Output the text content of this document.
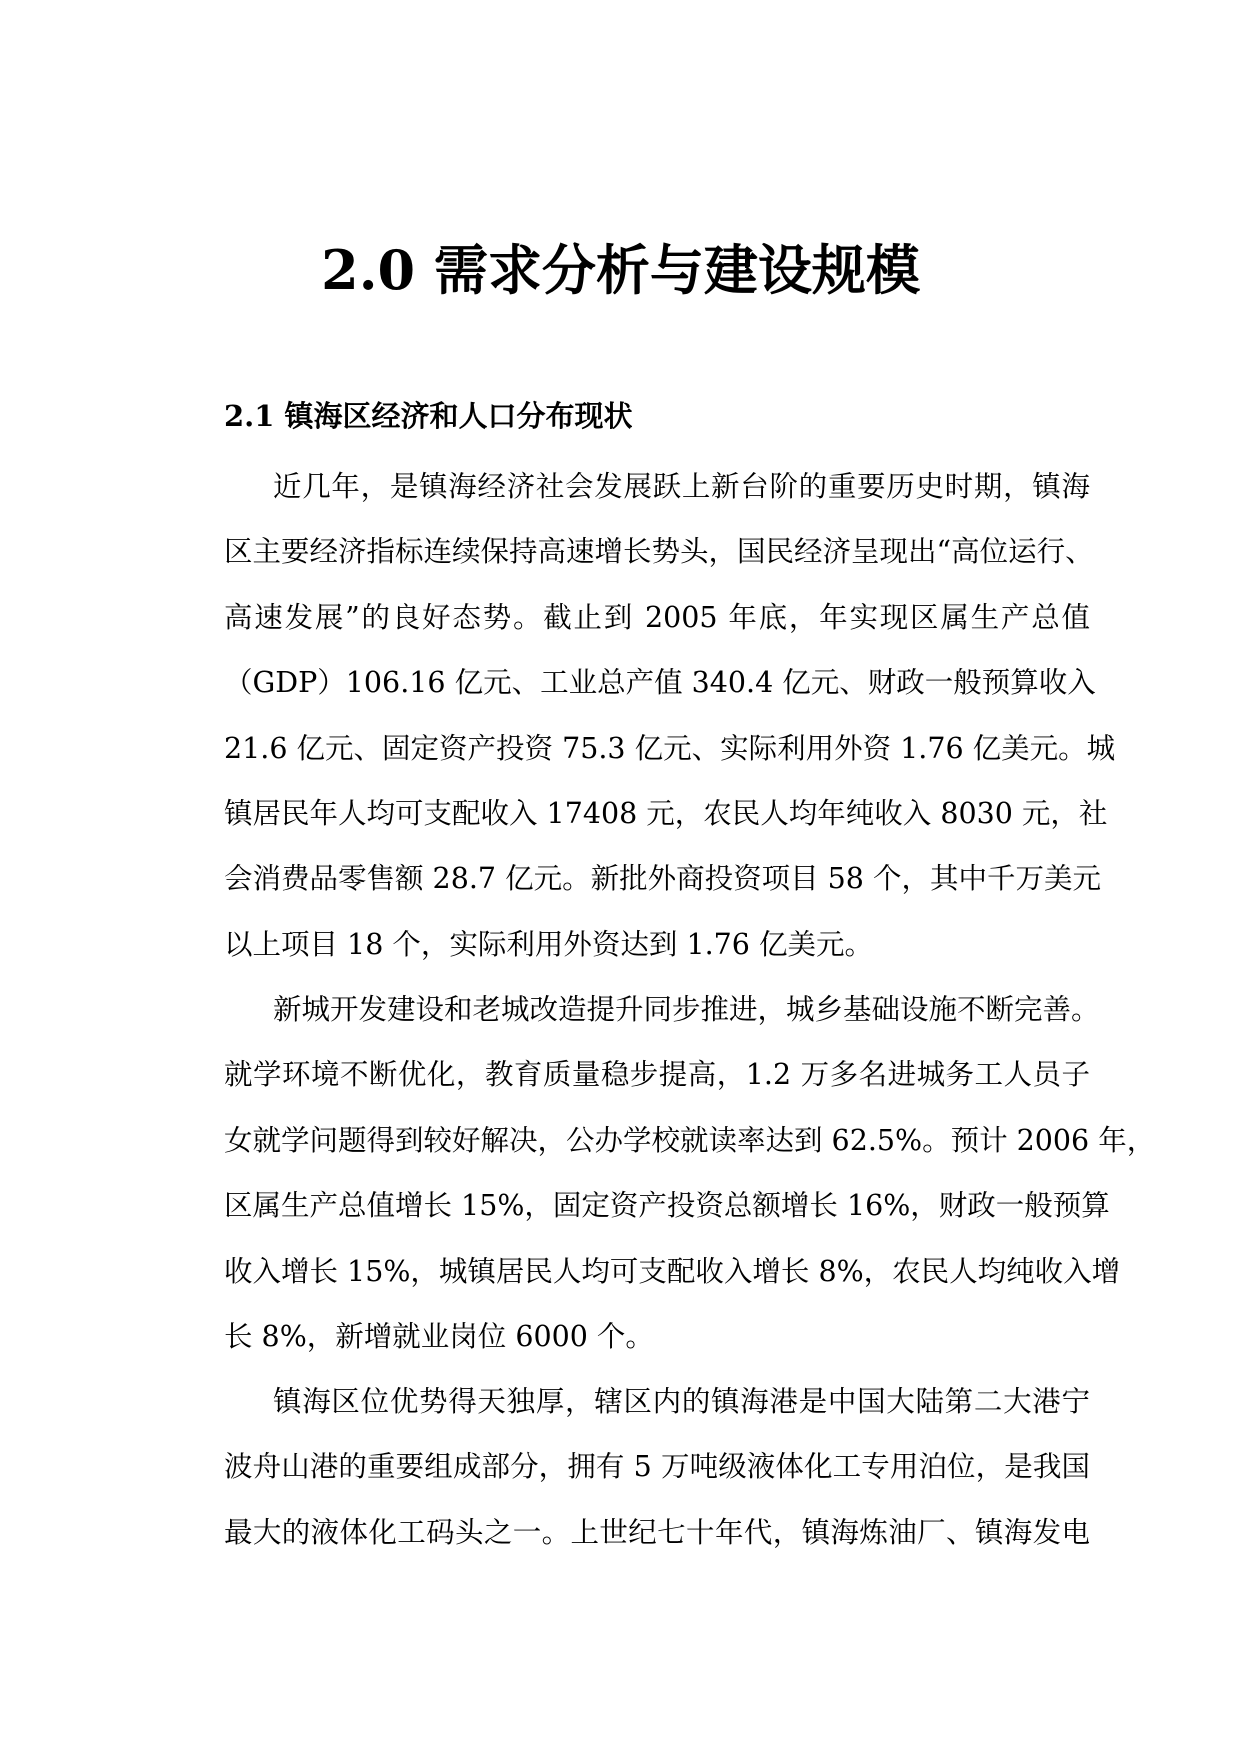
2.0 需求分析与建设规模
2.1 镇海区经济和人口分布现状

近几年，是镇海经济社会发展跃上新台阶的重要历史时期，镇海
区主要经济指标连续保持高速增长势头，国民经济呈现出“高位运行、
高速发展”的良好态势。截止到 2005 年底，年实现区属生产总值
（GDP）106.16 亿元、工业总产值 340.4 亿元、财政一般预算收入
21.6 亿元、固定资产投资 75.3 亿元、实际利用外资 1.76 亿美元。城
镇居民年人均可支配收入 17408 元，农民人均年纯收入 8030 元，社
会消费品零售额 28.7 亿元。新批外商投资项目 58 个，其中千万美元
以上项目 18 个，实际利用外资达到 1.76 亿美元。

新城开发建设和老城改造提升同步推进，城乡基础设施不断完善。
就学环境不断优化，教育质量稳步提高，1.2 万多名进城务工人员子
女就学问题得到较好解决，公办学校就读率达到 62.5%。预计 2006 年，
区属生产总值增长 15%，固定资产投资总额增长 16%，财政一般预算
收入增长 15%，城镇居民人均可支配收入增长 8%，农民人均纯收入增
长 8%，新增就业岗位 6000 个。

镇海区位优势得天独厚，辖区内的镇海港是中国大陆第二大港宁
波舟山港的重要组成部分，拥有 5 万吨级液体化工专用泊位，是我国
最大的液体化工码头之一。上世纪七十年代，镇海炼油厂、镇海发电
